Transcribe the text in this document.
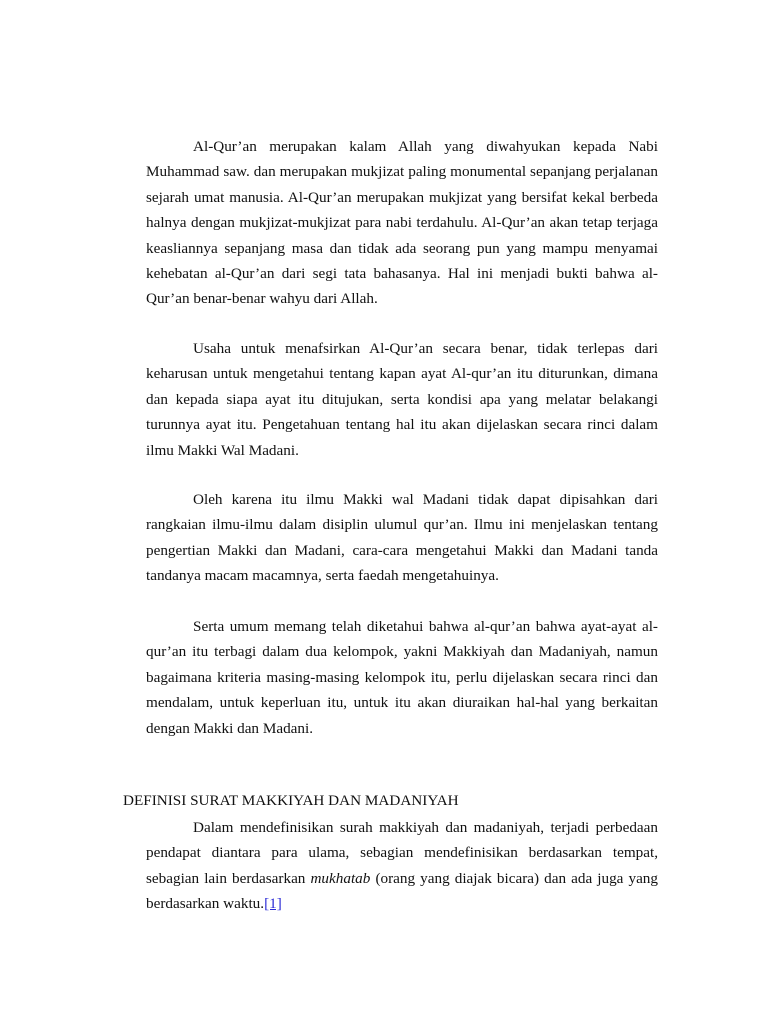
Al-Qur’an merupakan kalam Allah yang diwahyukan kepada Nabi Muhammad saw. dan merupakan mukjizat paling monumental sepanjang perjalanan sejarah umat manusia. Al-Qur’an merupakan mukjizat yang bersifat kekal berbeda halnya dengan mukjizat-mukjizat para nabi terdahulu. Al-Qur’an akan tetap terjaga keasliannya sepanjang masa dan tidak ada seorang pun yang mampu menyamai kehebatan al-Qur’an dari segi tata bahasanya. Hal ini menjadi bukti bahwa al-Qur’an benar-benar wahyu dari Allah.

Usaha untuk menafsirkan Al-Qur’an secara benar, tidak terlepas dari keharusan untuk mengetahui tentang kapan ayat Al-qur’an itu diturunkan, dimana dan kepada siapa ayat itu ditujukan, serta kondisi apa yang melatar belakangi turunnya ayat itu. Pengetahuan tentang hal itu akan dijelaskan secara rinci dalam ilmu Makki Wal Madani.

Oleh karena itu ilmu Makki wal Madani tidak dapat dipisahkan dari rangkaian ilmu-ilmu dalam disiplin ulumul qur’an. Ilmu ini menjelaskan tentang pengertian Makki dan Madani, cara-cara mengetahui Makki dan Madani tanda tandanya macam macamnya, serta faedah mengetahuinya.

Serta umum memang telah diketahui bahwa al-qur’an bahwa ayat-ayat al-qur’an itu terbagi dalam dua kelompok, yakni Makkiyah dan Madaniyah, namun bagaimana kriteria masing-masing kelompok itu, perlu dijelaskan secara rinci dan mendalam, untuk keperluan itu, untuk itu akan diuraikan hal-hal yang berkaitan dengan Makki dan Madani.

DEFINISI SURAT MAKKIYAH DAN MADANIYAH

Dalam mendefinisikan surah makkiyah dan madaniyah, terjadi perbedaan pendapat diantara para ulama, sebagian mendefinisikan berdasarkan tempat, sebagian lain berdasarkan mukhatab (orang yang diajak bicara) dan ada juga yang berdasarkan waktu.[1]
